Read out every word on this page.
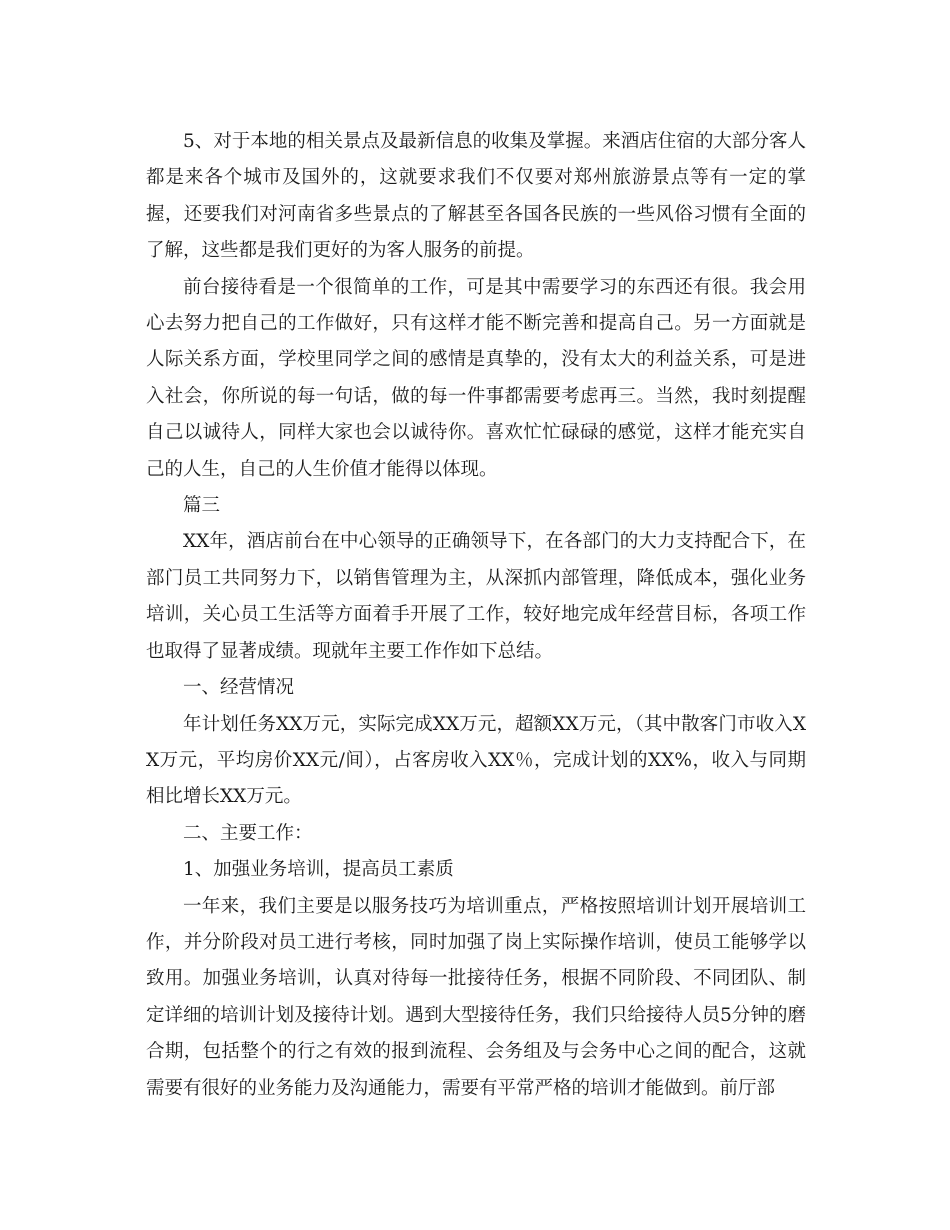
5、对于本地的相关景点及最新信息的收集及掌握。来酒店住宿的大部分客人都是来各个城市及国外的，这就要求我们不仅要对郑州旅游景点等有一定的掌握，还要我们对河南省多些景点的了解甚至各国各民族的一些风俗习惯有全面的了解，这些都是我们更好的为客人服务的前提。

前台接待看是一个很简单的工作，可是其中需要学习的东西还有很。我会用心去努力把自己的工作做好，只有这样才能不断完善和提高自己。另一方面就是人际关系方面，学校里同学之间的感情是真挚的，没有太大的利益关系，可是进入社会，你所说的每一句话，做的每一件事都需要考虑再三。当然，我时刻提醒自己以诚待人，同样大家也会以诚待你。喜欢忙忙碌碌的感觉，这样才能充实自己的人生，自己的人生价值才能得以体现。

篇三

XX年，酒店前台在中心领导的正确领导下，在各部门的大力支持配合下，在部门员工共同努力下，以销售管理为主，从深抓内部管理，降低成本，强化业务培训，关心员工生活等方面着手开展了工作，较好地完成年经营目标，各项工作也取得了显著成绩。现就年主要工作作如下总结。

一、经营情况

年计划任务XX万元，实际完成XX万元，超额XX万元，（其中散客门市收入XX万元，平均房价XX元/间），占客房收入XX％，完成计划的XX%，收入与同期相比增长XX万元。

二、主要工作：

1、加强业务培训，提高员工素质

一年来，我们主要是以服务技巧为培训重点，严格按照培训计划开展培训工作，并分阶段对员工进行考核，同时加强了岗上实际操作培训，使员工能够学以致用。加强业务培训，认真对待每一批接待任务，根据不同阶段、不同团队、制定详细的培训计划及接待计划。遇到大型接待任务，我们只给接待人员5分钟的磨合期，包括整个的行之有效的报到流程、会务组及与会务中心之间的配合，这就需要有很好的业务能力及沟通能力，需要有平常严格的培训才能做到。前厅部
